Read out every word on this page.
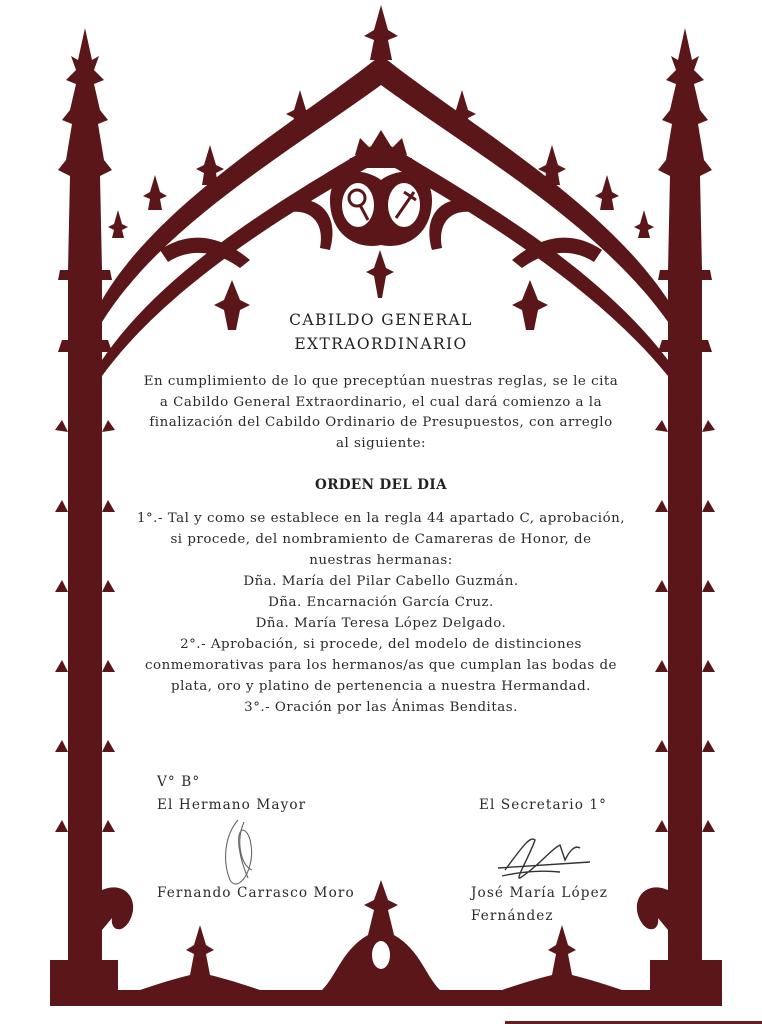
CABILDO GENERAL
EXTRAORDINARIO
En cumplimiento de lo que preceptúan nuestras reglas, se le cita
a Cabildo General Extraordinario, el cual dará comienzo a la
finalización del Cabildo Ordinario de Presupuestos, con arreglo
al siguiente:
ORDEN DEL DIA
1°.- Tal y como se establece en la regla 44 apartado C, aprobación,
si procede, del nombramiento de Camareras de Honor, de
nuestras hermanas:
Dña. María del Pilar Cabello Guzmán.
Dña. Encarnación García Cruz.
Dña. María Teresa López Delgado.
2°.- Aprobación, si procede, del modelo de distinciones
conmemorativas para los hermanos/as que cumplan las bodas de
plata, oro y platino de pertenencia a nuestra Hermandad.
3°.- Oración por las Ánimas Benditas.
V° B°
El Hermano Mayor
Fernando Carrasco Moro
El Secretario 1°
José María López
Fernández
